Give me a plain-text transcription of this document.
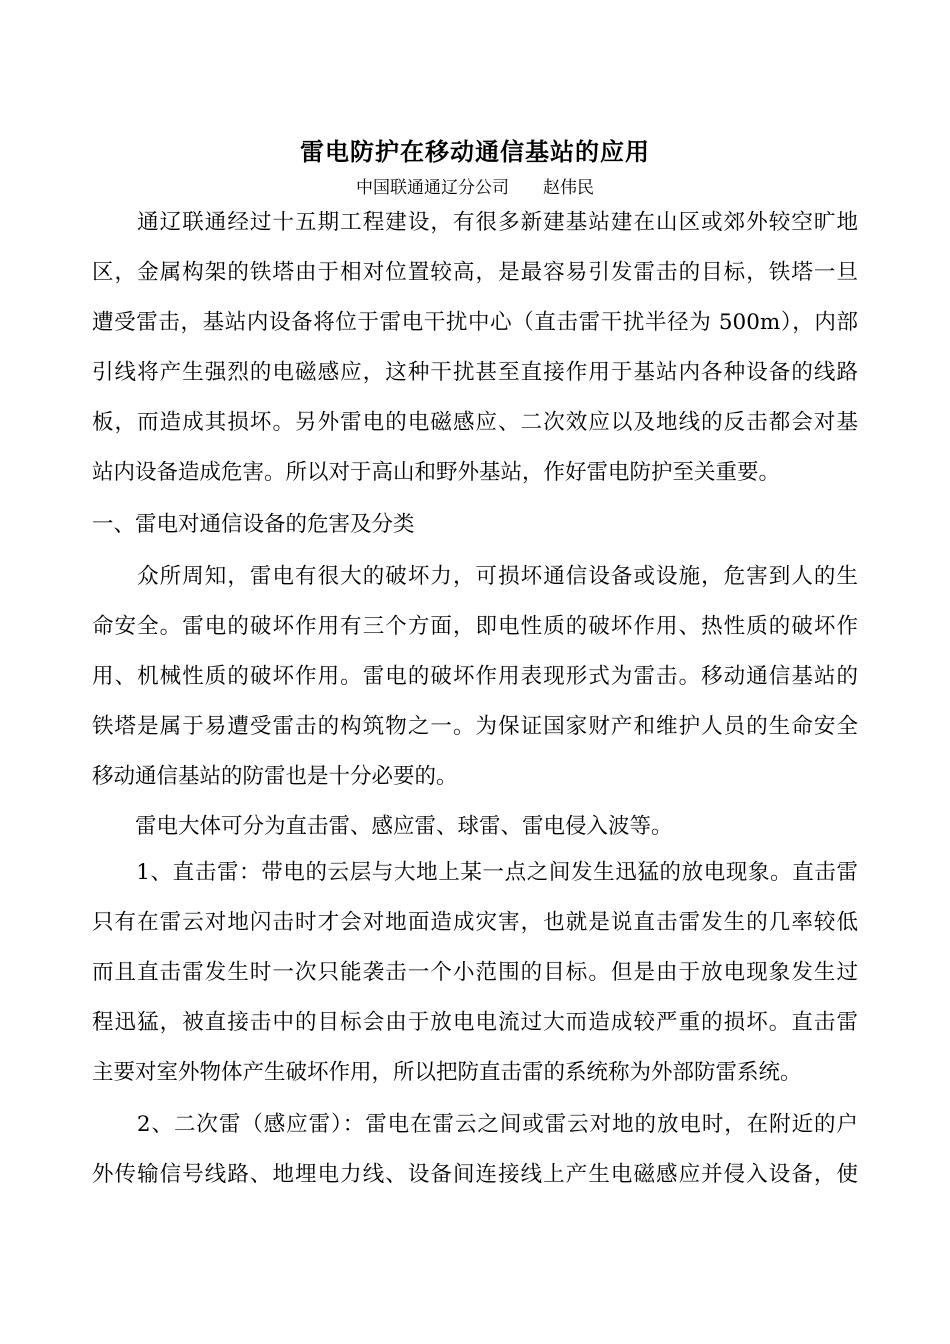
雷电防护在移动通信基站的应用
中国联通通辽分公司 赵伟民
　　通辽联通经过十五期工程建设，有很多新建基站建在山区或郊外较空旷地
区，金属构架的铁塔由于相对位置较高，是最容易引发雷击的目标，铁塔一旦
遭受雷击，基站内设备将位于雷电干扰中心（直击雷干扰半径为 500m），内部
引线将产生强烈的电磁感应，这种干扰甚至直接作用于基站内各种设备的线路
板，而造成其损坏。另外雷电的电磁感应、二次效应以及地线的反击都会对基
站内设备造成危害。所以对于高山和野外基站，作好雷电防护至关重要。
一、雷电对通信设备的危害及分类
　　众所周知，雷电有很大的破坏力，可损坏通信设备或设施，危害到人的生
命安全。雷电的破坏作用有三个方面，即电性质的破坏作用、热性质的破坏作
用、机械性质的破坏作用。雷电的破坏作用表现形式为雷击。移动通信基站的
铁塔是属于易遭受雷击的构筑物之一。为保证国家财产和维护人员的生命安全
移动通信基站的防雷也是十分必要的。
　　雷电大体可分为直击雷、感应雷、球雷、雷电侵入波等。
　　1、直击雷：带电的云层与大地上某一点之间发生迅猛的放电现象。直击雷
只有在雷云对地闪击时才会对地面造成灾害，也就是说直击雷发生的几率较低
而且直击雷发生时一次只能袭击一个小范围的目标。但是由于放电现象发生过
程迅猛，被直接击中的目标会由于放电电流过大而造成较严重的损坏。直击雷
主要对室外物体产生破坏作用，所以把防直击雷的系统称为外部防雷系统。
　　2、二次雷（感应雷）：雷电在雷云之间或雷云对地的放电时，在附近的户
外传输信号线路、地埋电力线、设备间连接线上产生电磁感应并侵入设备，使
